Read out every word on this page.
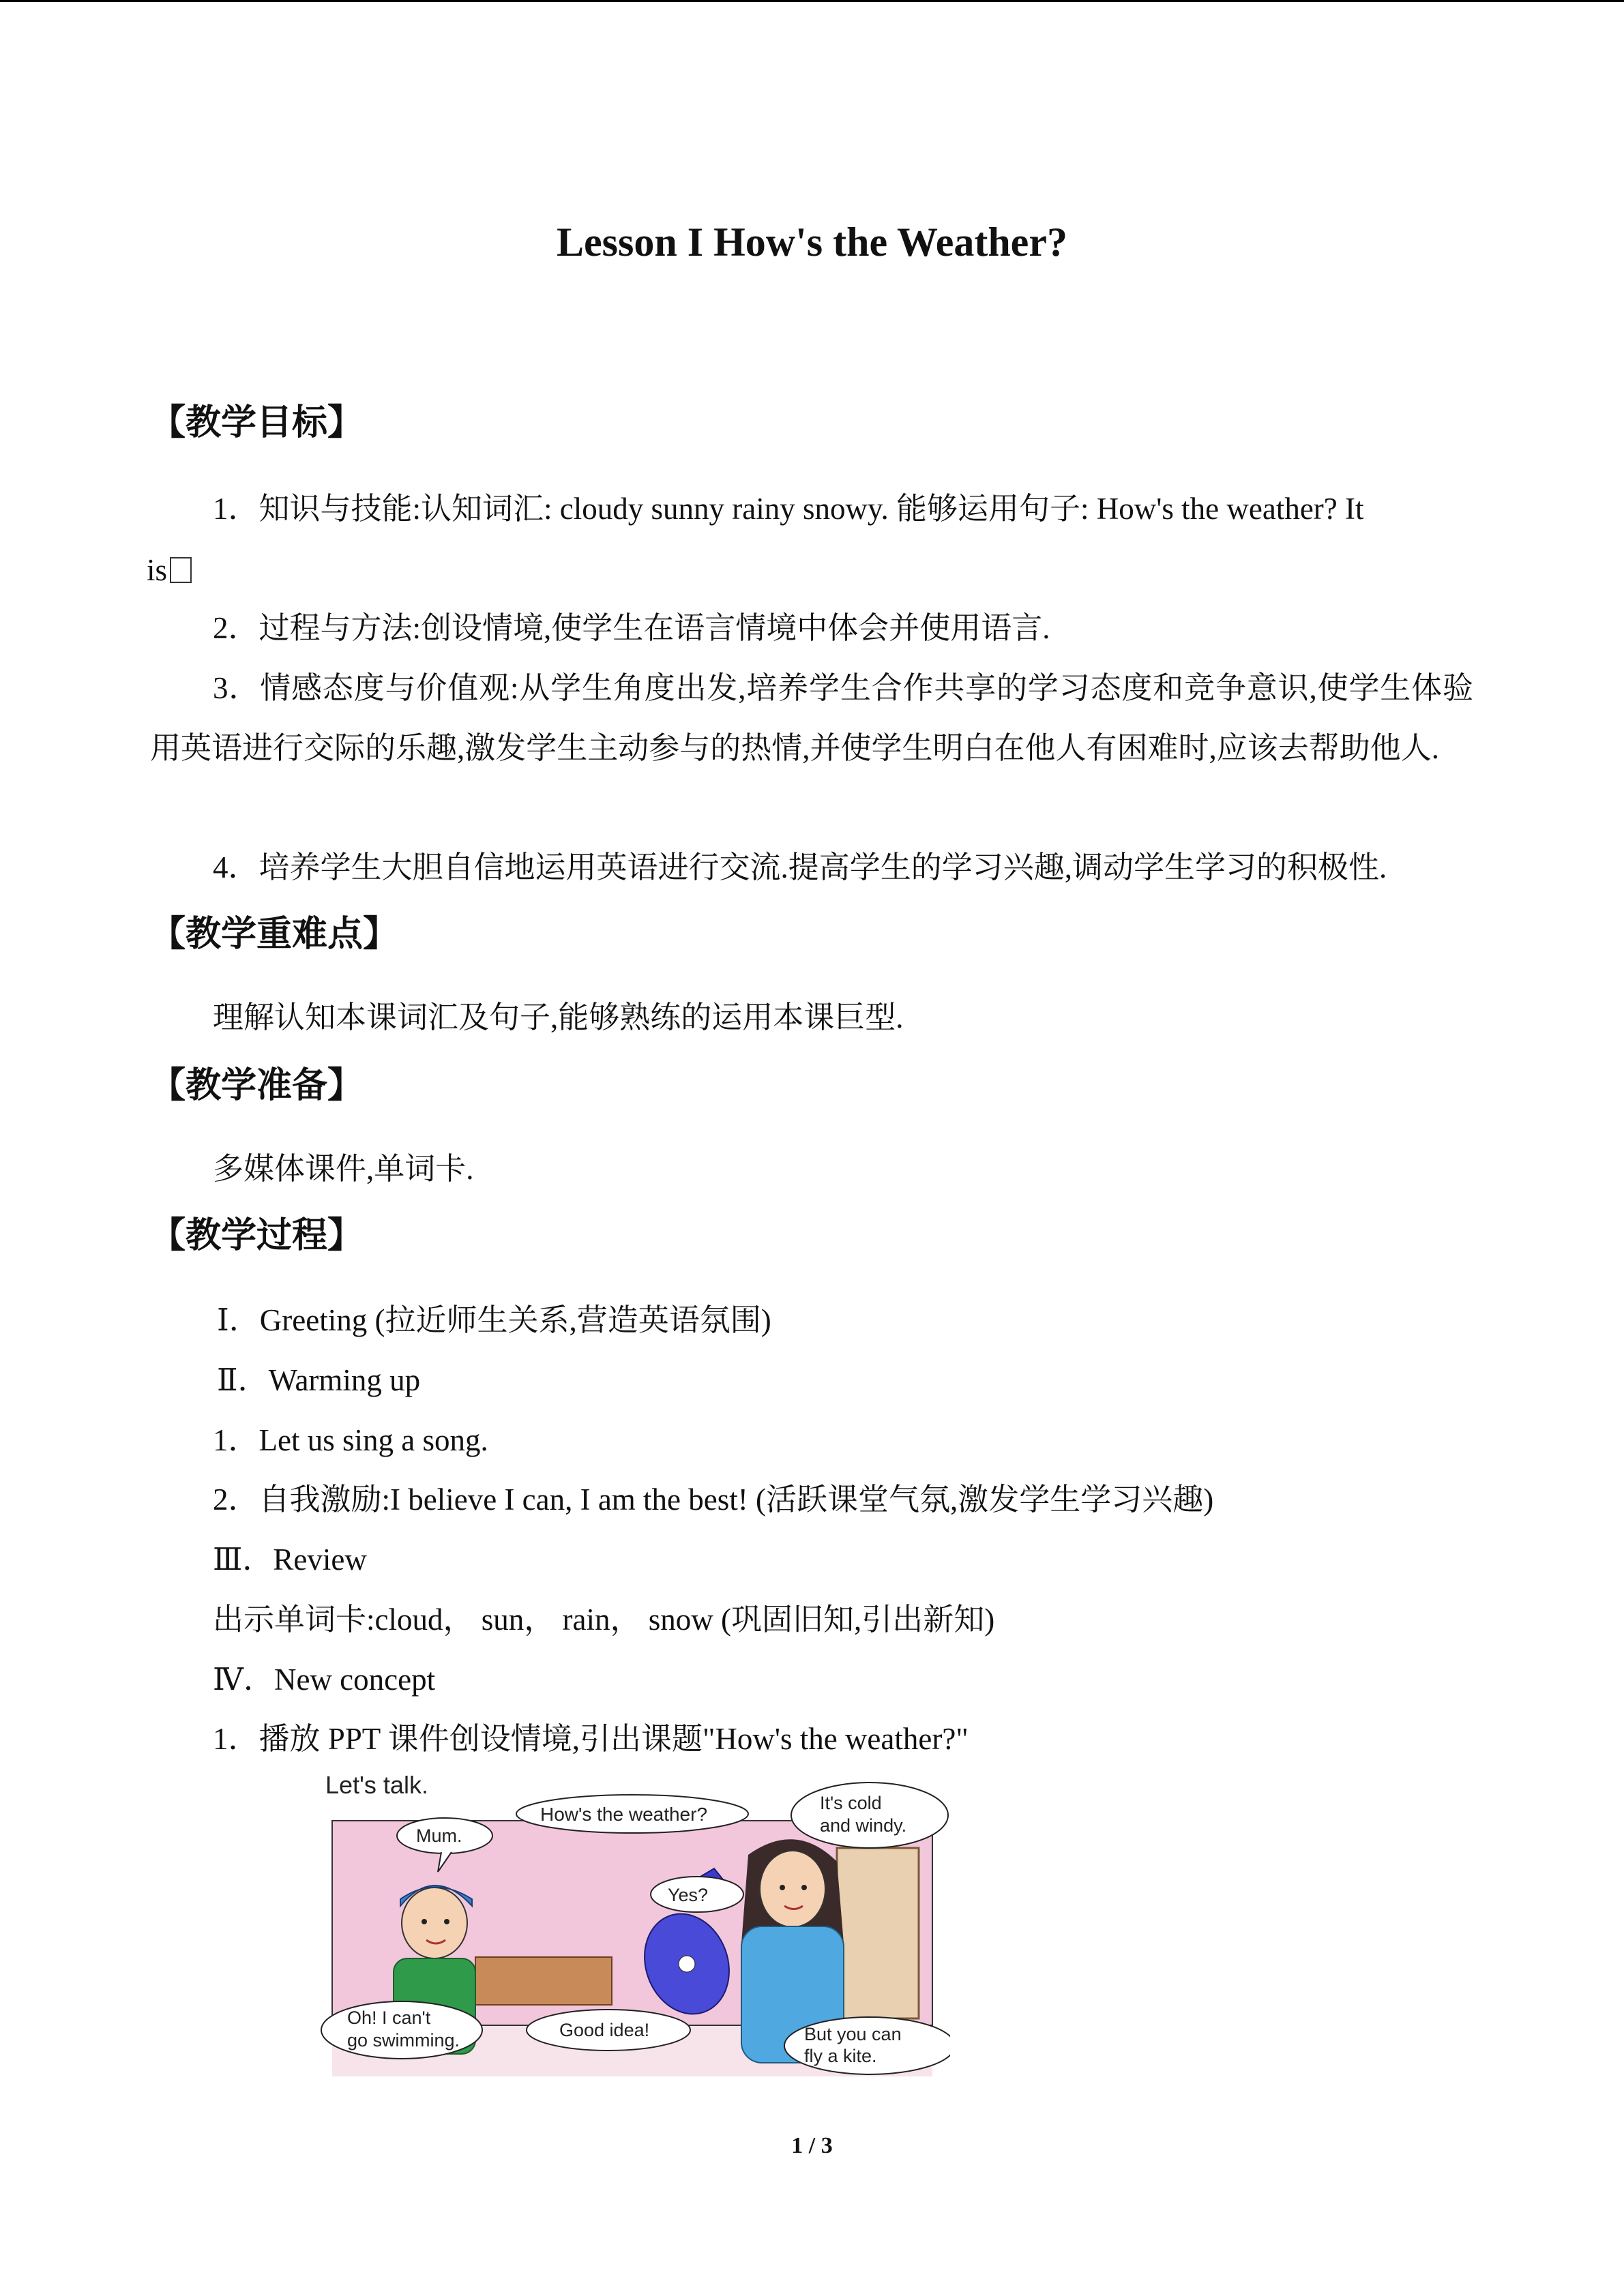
Lesson I How's the Weather?
【教学目标】

1．知识与技能:认知词汇: cloudy sunny rainy snowy. 能够运用句子: How's the weather? It

is

2．过程与方法:创设情境,使学生在语言情境中体会并使用语言.

3．情感态度与价值观:从学生角度出发,培养学生合作共享的学习态度和竞争意识,使学生体验用英语进行交际的乐趣,激发学生主动参与的热情,并使学生明白在他人有困难时,应该去帮助他人.

4．培养学生大胆自信地运用英语进行交流.提高学生的学习兴趣,调动学生学习的积极性.

【教学重难点】

理解认知本课词汇及句子,能够熟练的运用本课巨型.

【教学准备】

多媒体课件,单词卡.

【教学过程】

Ⅰ．Greeting (拉近师生关系,营造英语氛围)

Ⅱ．Warming up

1．Let us sing a song.

2．自我激励:I believe I can, I am the best! (活跃课堂气氛,激发学生学习兴趣)

Ⅲ．Review

出示单词卡:cloud， sun， rain， snow (巩固旧知,引出新知)

Ⅳ．New concept

1．播放 PPT 课件创设情境,引出课题"How's the weather?"

Let's talk.
Mum.
How's the weather?
It's cold
and windy.
Yes?
Oh! I can't
go swimming.	Good idea!	But you can
fly a kite.
1 / 3
